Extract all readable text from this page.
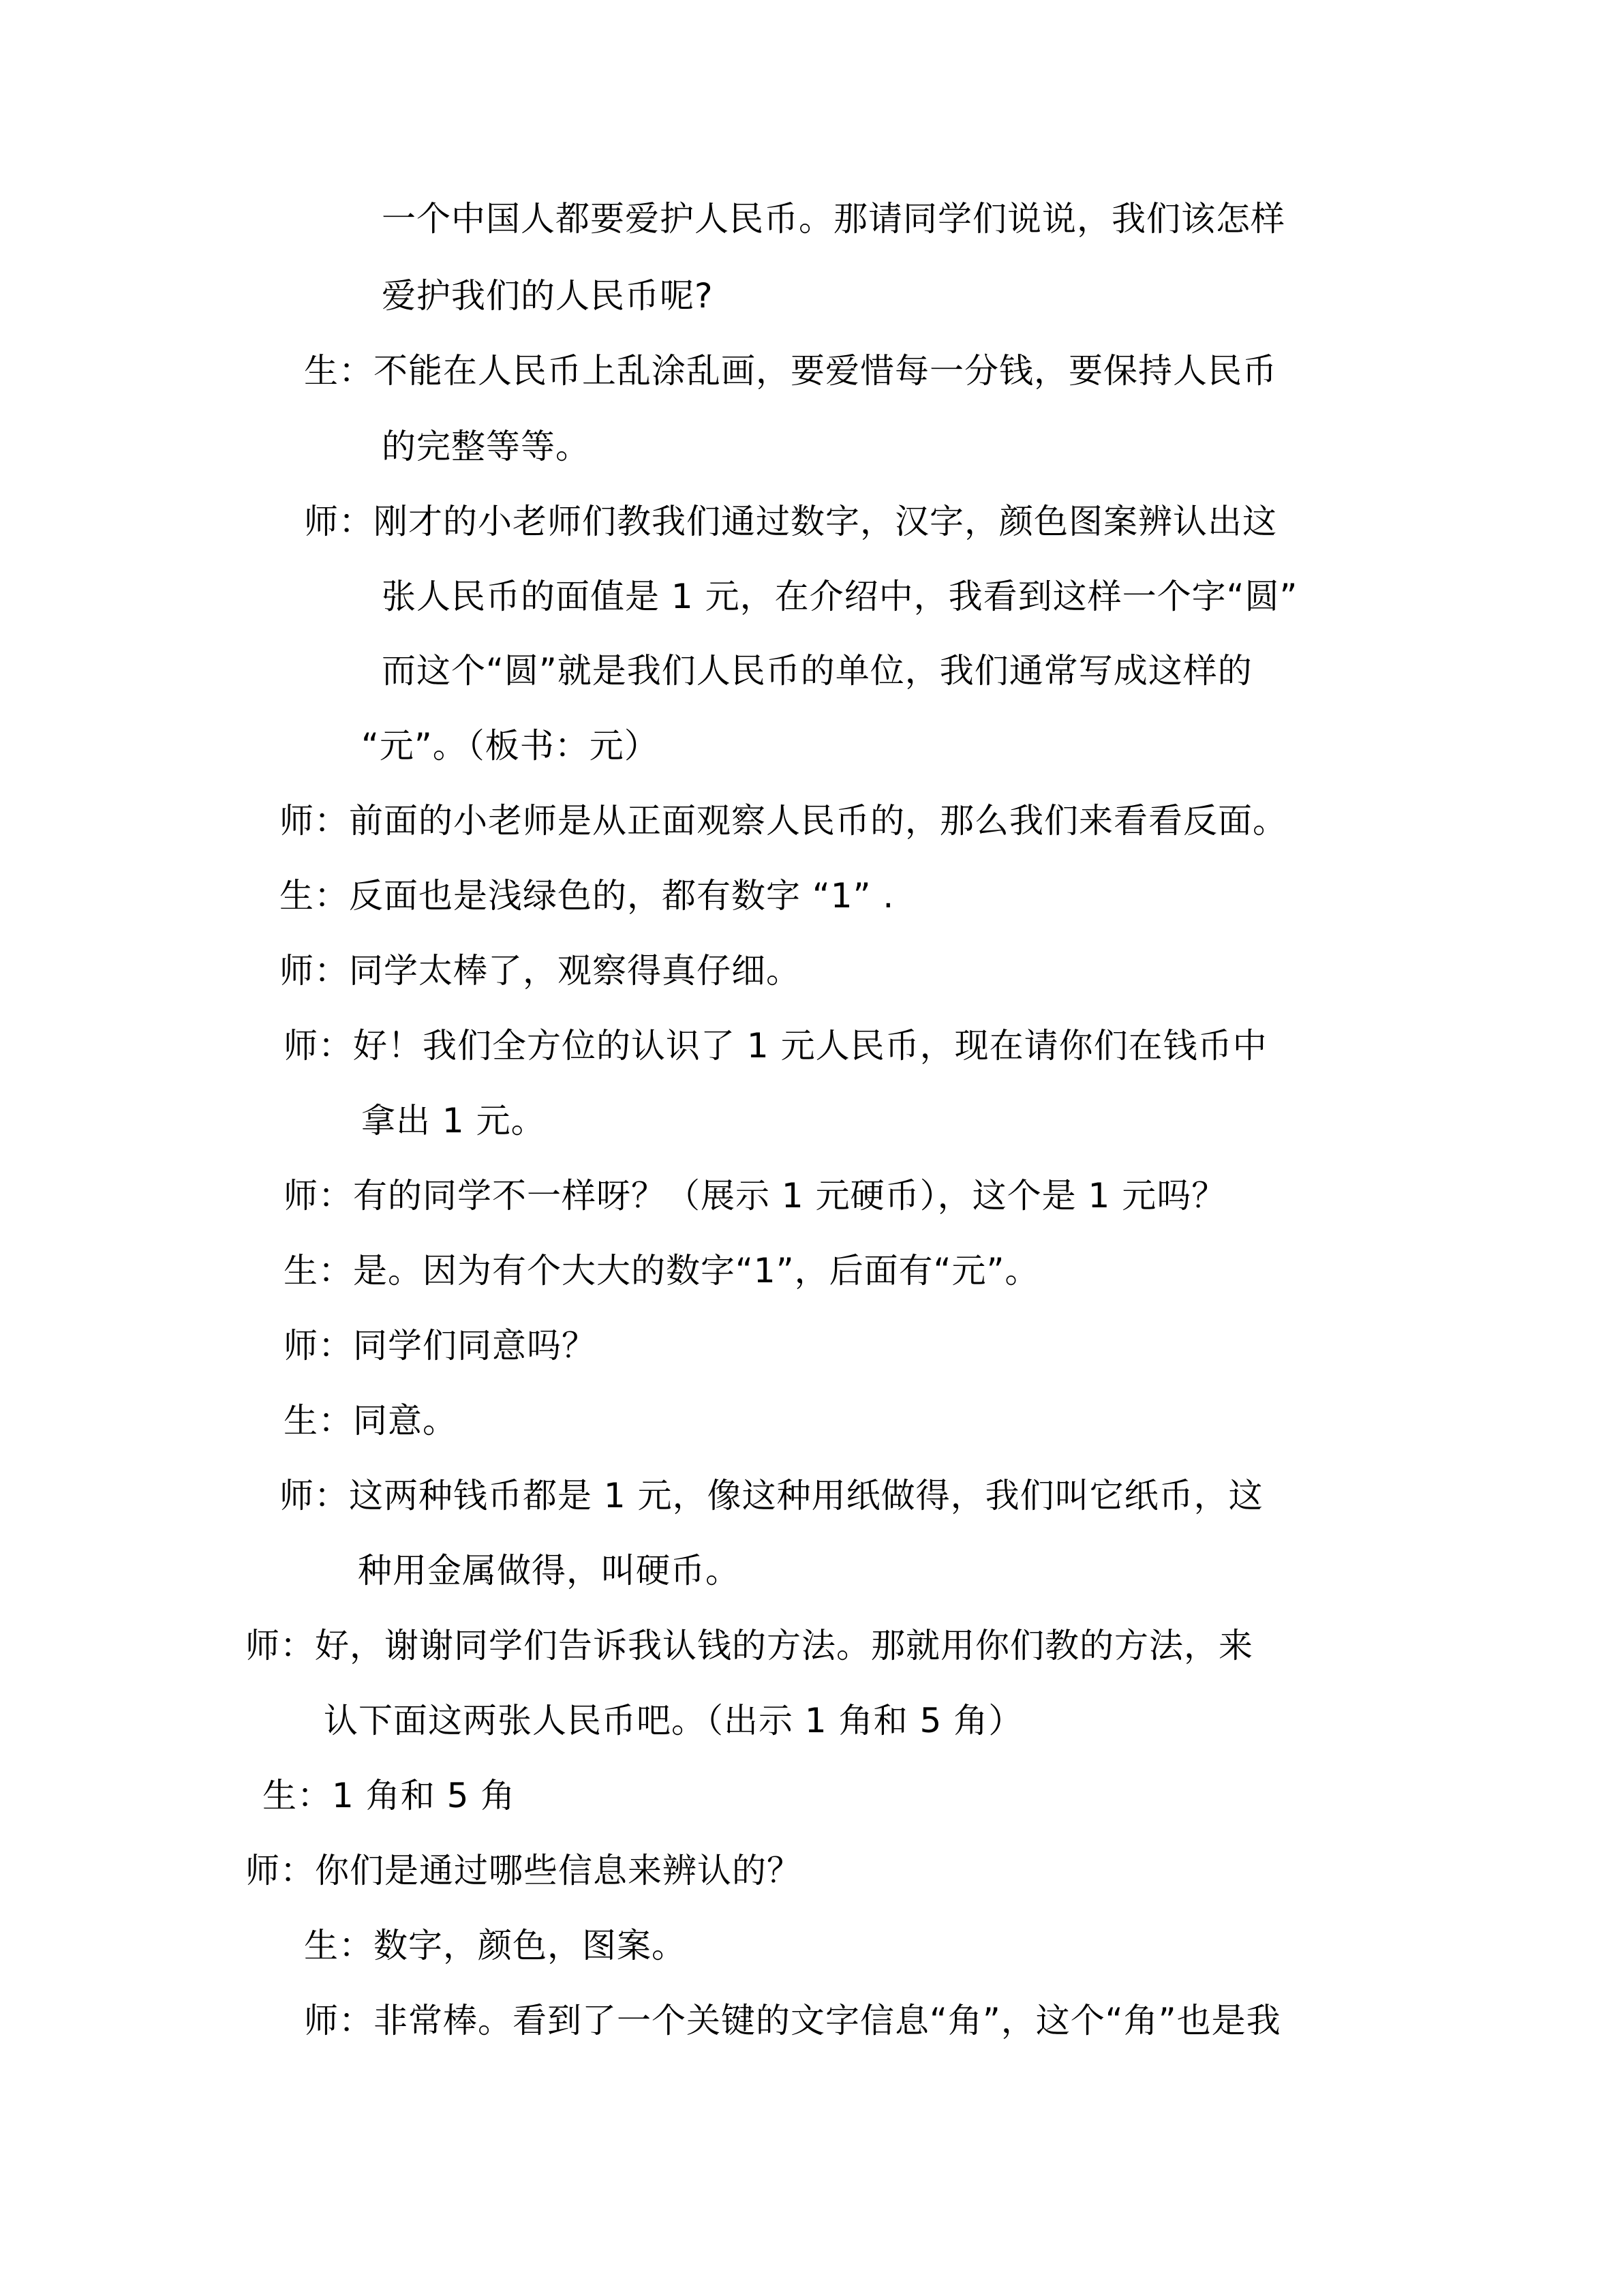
一个中国人都要爱护人民币。那请同学们说说，我们该怎样
爱护我们的人民币呢?
生：不能在人民币上乱涂乱画，要爱惜每一分钱，要保持人民币
的完整等等。
师：刚才的小老师们教我们通过数字，汉字，颜色图案辨认出这
张人民币的面值是 1 元，在介绍中，我看到这样一个字“圆”
而这个“圆”就是我们人民币的单位，我们通常写成这样的
“元”。（板书：元）
师：前面的小老师是从正面观察人民币的，那么我们来看看反面。
生：反面也是浅绿色的，都有数字 “1” .
师：同学太棒了，观察得真仔细。
师：好！我们全方位的认识了 1 元人民币，现在请你们在钱币中
拿出 1 元。
师：有的同学不一样呀？（展示 1 元硬币），这个是 1 元吗？
生：是。因为有个大大的数字“1”，后面有“元”。
师：同学们同意吗？
生：同意。
师：这两种钱币都是 1 元，像这种用纸做得，我们叫它纸币，这
种用金属做得，叫硬币。
师：好，谢谢同学们告诉我认钱的方法。那就用你们教的方法，来
认下面这两张人民币吧。（出示 1 角和 5 角）
生：1 角和 5 角
师：你们是通过哪些信息来辨认的？
生：数字，颜色，图案。
师：非常棒。看到了一个关键的文字信息“角”，这个“角”也是我
